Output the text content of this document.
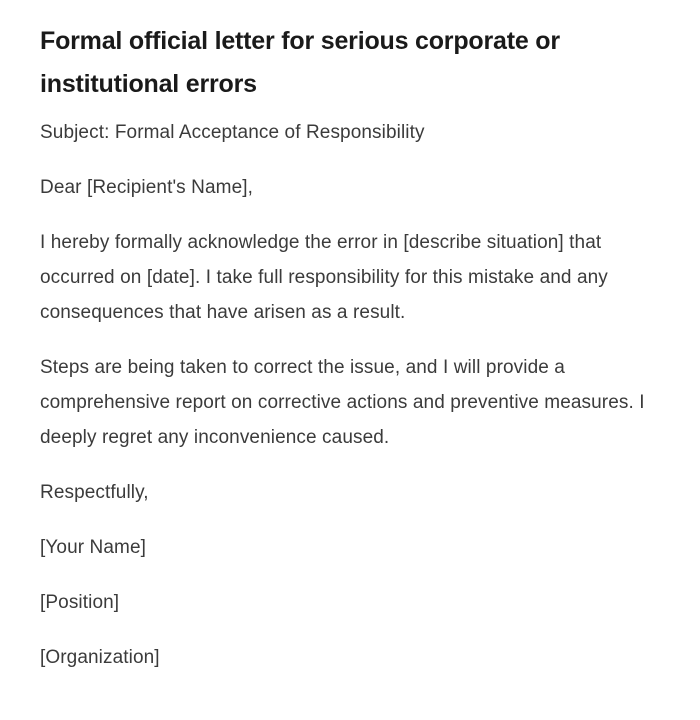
Formal official letter for serious corporate or institutional errors

Subject: Formal Acceptance of Responsibility

Dear [Recipient's Name],

I hereby formally acknowledge the error in [describe situation] that occurred on [date]. I take full responsibility for this mistake and any consequences that have arisen as a result.

Steps are being taken to correct the issue, and I will provide a comprehensive report on corrective actions and preventive measures. I deeply regret any inconvenience caused.

Respectfully,

[Your Name]

[Position]

[Organization]
